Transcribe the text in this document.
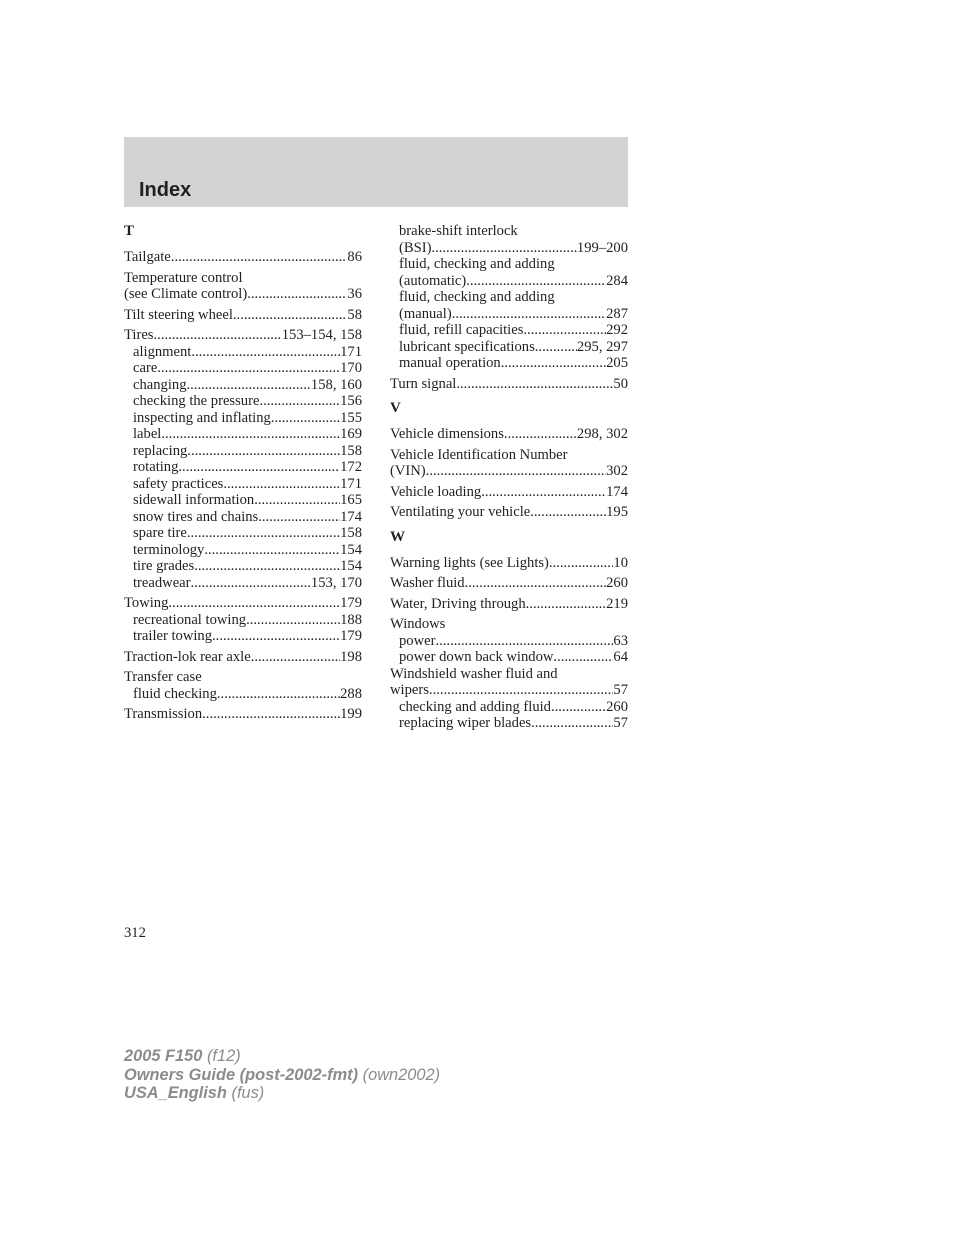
Index
T
Tailgate .....	86
Temperature control
(see Climate control) .....	36
Tilt steering wheel .....	58
Tires .....	153–154, 158
alignment .....	171
care .....	170
changing .....	158, 160
checking the pressure .....	156
inspecting and inflating .....	155
label .....	169
replacing .....	158
rotating .....	172
safety practices .....	171
sidewall information .....	165
snow tires and chains .....	174
spare tire .....	158
terminology .....	154
tire grades .....	154
treadwear .....	153, 170
Towing .....	179
recreational towing .....	188
trailer towing .....	179
Traction-lok rear axle .....	198
Transfer case
fluid checking .....	288
Transmission .....	199
brake-shift interlock
(BSI) .....	199–200
fluid, checking and adding
(automatic) .....	284
fluid, checking and adding
(manual) .....	287
fluid, refill capacities .....	292
lubricant specifications .....	295, 297
manual operation .....	205
Turn signal .....	50
V
Vehicle dimensions .....	298, 302
Vehicle Identification Number
(VIN) .....	302
Vehicle loading .....	174
Ventilating your vehicle .....	195
W
Warning lights (see Lights) .....	10
Washer fluid .....	260
Water, Driving through .....	219
Windows
power .....	63
power down back window .....	64
Windshield washer fluid and
wipers .....	57
checking and adding fluid .....	260
replacing wiper blades .....	57
312
2005 F150 (f12)
Owners Guide (post-2002-fmt) (own2002)
USA_English (fus)
